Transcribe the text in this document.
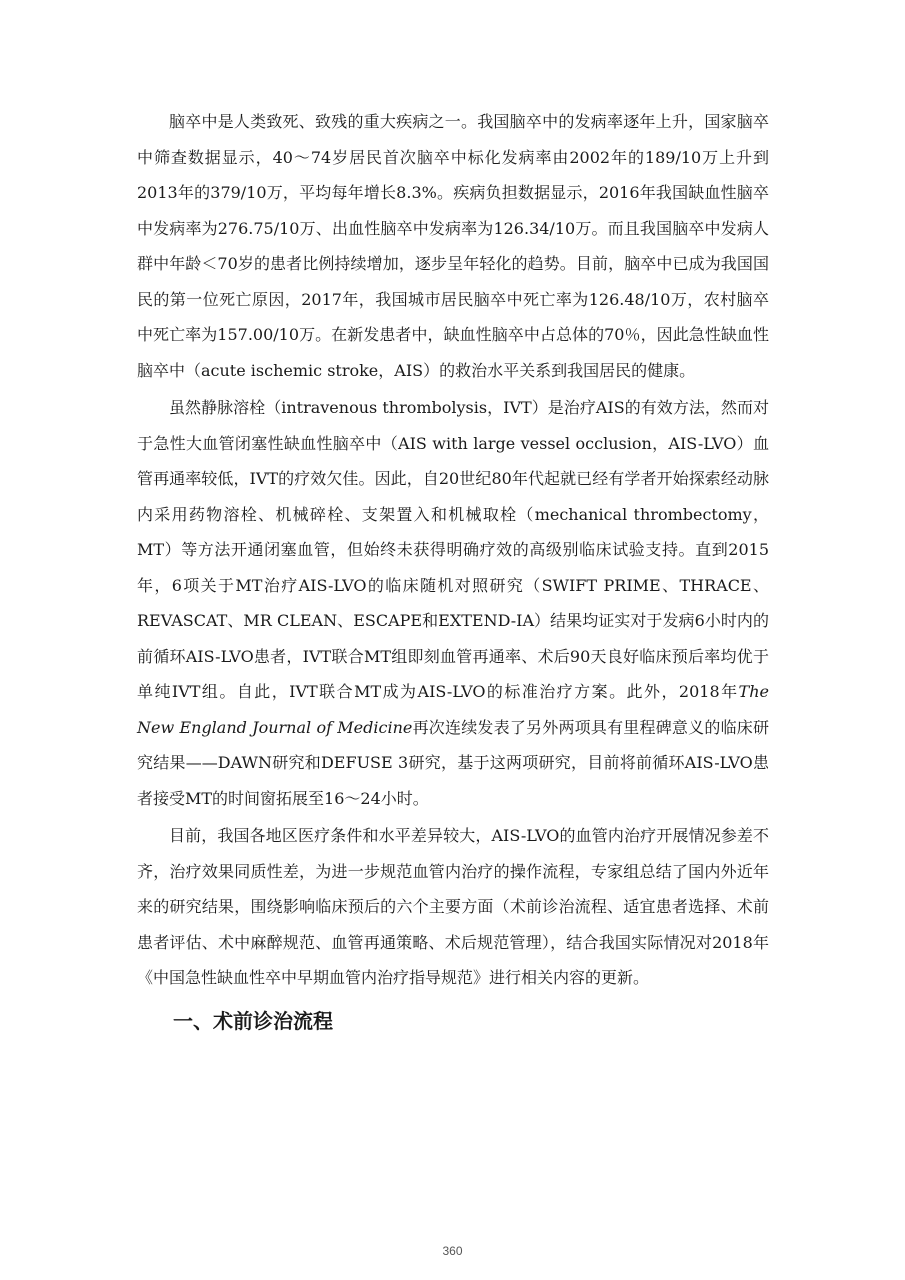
脑卒中是人类致死、致残的重大疾病之一。我国脑卒中的发病率逐年上升，国家脑卒中筛查数据显示，40～74岁居民首次脑卒中标化发病率由2002年的189/10万上升到2013年的379/10万，平均每年增长8.3%。疾病负担数据显示，2016年我国缺血性脑卒中发病率为276.75/10万、出血性脑卒中发病率为126.34/10万。而且我国脑卒中发病人群中年龄＜70岁的患者比例持续增加，逐步呈年轻化的趋势。目前，脑卒中已成为我国国民的第一位死亡原因，2017年，我国城市居民脑卒中死亡率为126.48/10万，农村脑卒中死亡率为157.00/10万。在新发患者中，缺血性脑卒中占总体的70％，因此急性缺血性脑卒中（acute ischemic stroke，AIS）的救治水平关系到我国居民的健康。

虽然静脉溶栓（intravenous thrombolysis，IVT）是治疗AIS的有效方法，然而对于急性大血管闭塞性缺血性脑卒中（AIS with large vessel occlusion，AIS-LVO）血管再通率较低，IVT的疗效欠佳。因此，自20世纪80年代起就已经有学者开始探索经动脉内采用药物溶栓、机械碎栓、支架置入和机械取栓（mechanical thrombectomy，MT）等方法开通闭塞血管，但始终未获得明确疗效的高级别临床试验支持。直到2015年，6项关于MT治疗AIS-LVO的临床随机对照研究（SWIFT PRIME、THRACE、REVASCAT、MR CLEAN、ESCAPE和EXTEND-IA）结果均证实对于发病6小时内的前循环AIS-LVO患者，IVT联合MT组即刻血管再通率、术后90天良好临床预后率均优于单纯IVT组。自此，IVT联合MT成为AIS-LVO的标准治疗方案。此外，2018年The New England Journal of Medicine再次连续发表了另外两项具有里程碑意义的临床研究结果——DAWN研究和DEFUSE 3研究，基于这两项研究，目前将前循环AIS-LVO患者接受MT的时间窗拓展至16～24小时。

目前，我国各地区医疗条件和水平差异较大，AIS-LVO的血管内治疗开展情况参差不齐，治疗效果同质性差，为进一步规范血管内治疗的操作流程，专家组总结了国内外近年来的研究结果，围绕影响临床预后的六个主要方面（术前诊治流程、适宜患者选择、术前患者评估、术中麻醉规范、血管再通策略、术后规范管理），结合我国实际情况对2018年《中国急性缺血性卒中早期血管内治疗指导规范》进行相关内容的更新。

一、术前诊治流程
360
